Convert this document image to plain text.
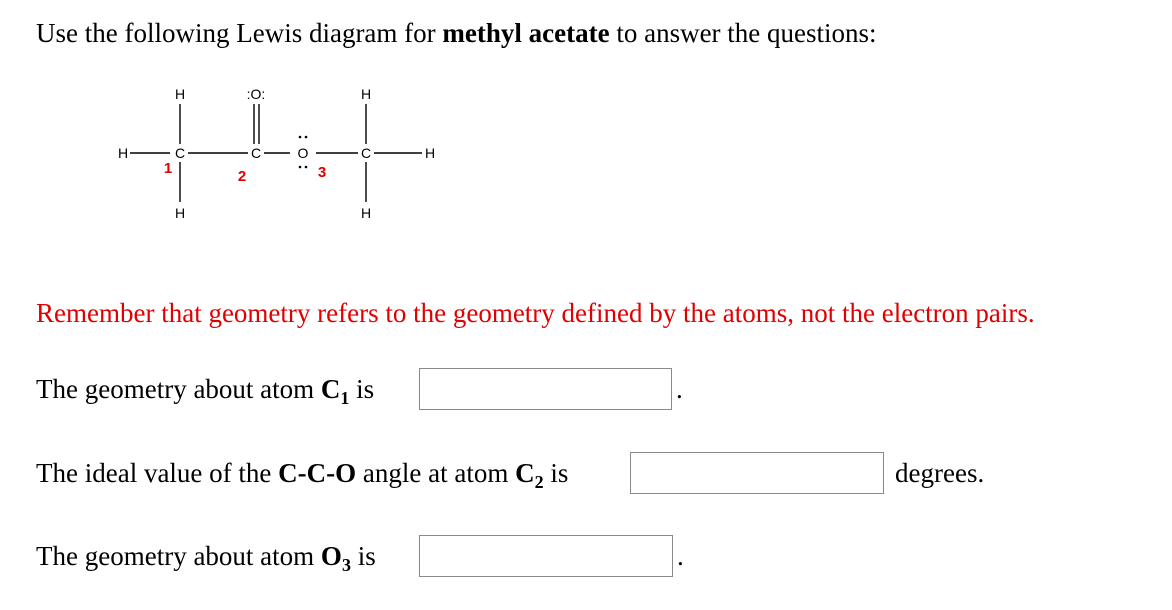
Use the following Lewis diagram for methyl acetate to answer the questions:
H
H
C
H
:O:
C	O
H
C
H
H
1	2	3
Remember that geometry refers to the geometry defined by the atoms, not the electron pairs.
The geometry about atom $C_1$ is	.
The ideal value of the C-C-O angle at atom $C_2$ is	degrees.
The geometry about atom $O_3$ is	.
